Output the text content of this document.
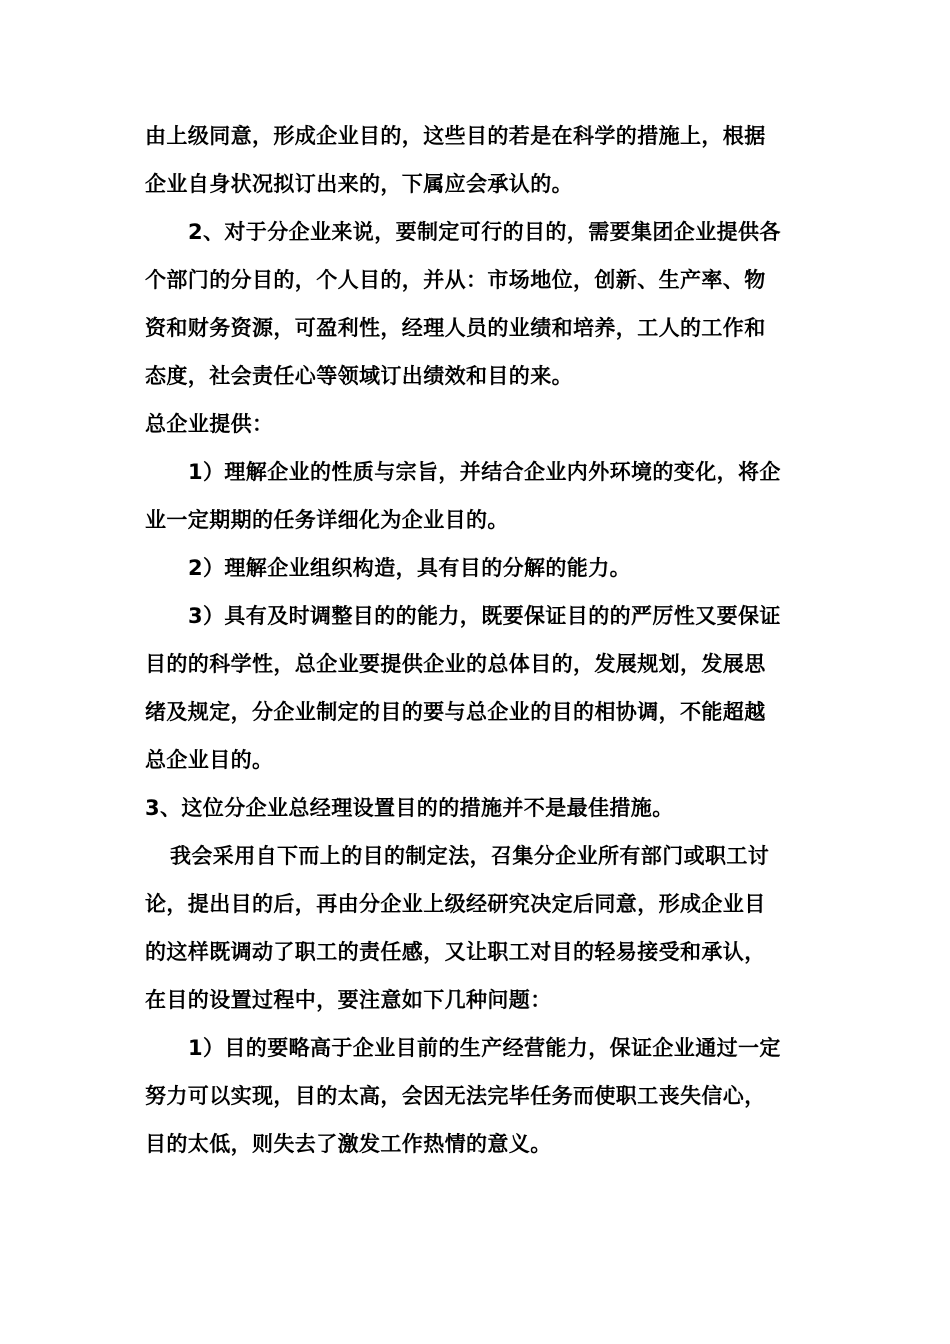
由上级同意，形成企业目的，这些目的若是在科学的措施上，根据
企业自身状况拟订出来的，下属应会承认的。
2、对于分企业来说，要制定可行的目的，需要集团企业提供各
个部门的分目的，个人目的，并从：市场地位，创新、生产率、物
资和财务资源，可盈利性，经理人员的业绩和培养，工人的工作和
态度，社会责任心等领域订出绩效和目的来。
总企业提供：
1）理解企业的性质与宗旨，并结合企业内外环境的变化，将企
业一定期期的任务详细化为企业目的。
2）理解企业组织构造，具有目的分解的能力。
3）具有及时调整目的的能力，既要保证目的的严厉性又要保证
目的的科学性，总企业要提供企业的总体目的，发展规划，发展思
绪及规定，分企业制定的目的要与总企业的目的相协调，不能超越
总企业目的。
3、这位分企业总经理设置目的的措施并不是最佳措施。
我会采用自下而上的目的制定法，召集分企业所有部门或职工讨
论，提出目的后，再由分企业上级经研究决定后同意，形成企业目
的这样既调动了职工的责任感，又让职工对目的轻易接受和承认，
在目的设置过程中，要注意如下几种问题：
1）目的要略高于企业目前的生产经营能力，保证企业通过一定
努力可以实现，目的太高，会因无法完毕任务而使职工丧失信心，
目的太低，则失去了激发工作热情的意义。
